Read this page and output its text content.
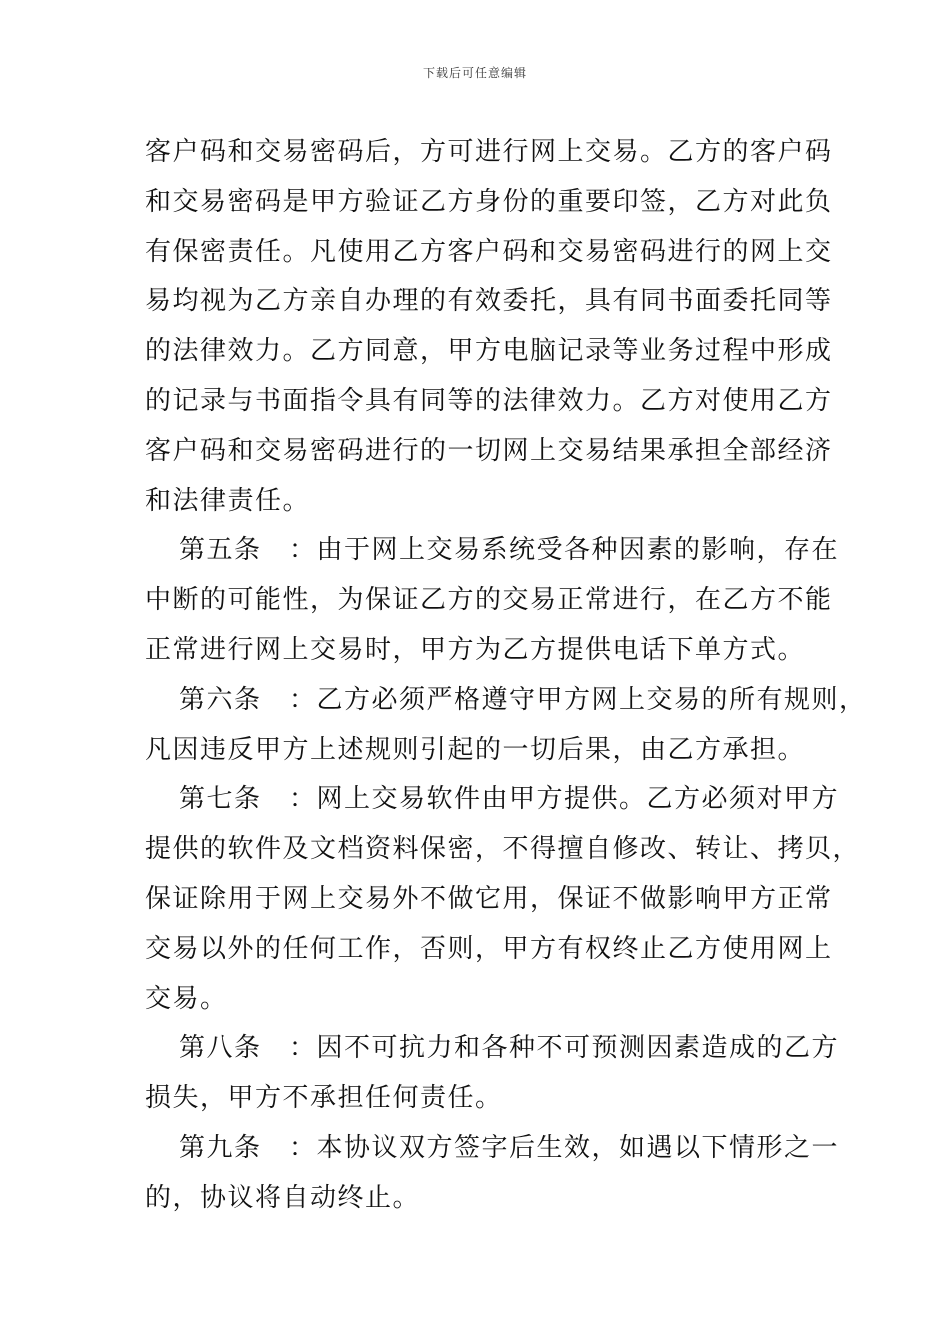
下载后可任意编辑
客户码和交易密码后，方可进行网上交易。乙方的客户码
和交易密码是甲方验证乙方身份的重要印签，乙方对此负
有保密责任。凡使用乙方客户码和交易密码进行的网上交
易均视为乙方亲自办理的有效委托，具有同书面委托同等
的法律效力。乙方同意，甲方电脑记录等业务过程中形成
的记录与书面指令具有同等的法律效力。乙方对使用乙方
客户码和交易密码进行的一切网上交易结果承担全部经济
和法律责任。
第五条　：由于网上交易系统受各种因素的影响，存在
中断的可能性，为保证乙方的交易正常进行，在乙方不能
正常进行网上交易时，甲方为乙方提供电话下单方式。
第六条　：乙方必须严格遵守甲方网上交易的所有规则，
凡因违反甲方上述规则引起的一切后果，由乙方承担。
第七条　：网上交易软件由甲方提供。乙方必须对甲方
提供的软件及文档资料保密，不得擅自修改、转让、拷贝，
保证除用于网上交易外不做它用，保证不做影响甲方正常
交易以外的任何工作，否则，甲方有权终止乙方使用网上
交易。
第八条　：因不可抗力和各种不可预测因素造成的乙方
损失，甲方不承担任何责任。
第九条　：本协议双方签字后生效，如遇以下情形之一
的，协议将自动终止。
